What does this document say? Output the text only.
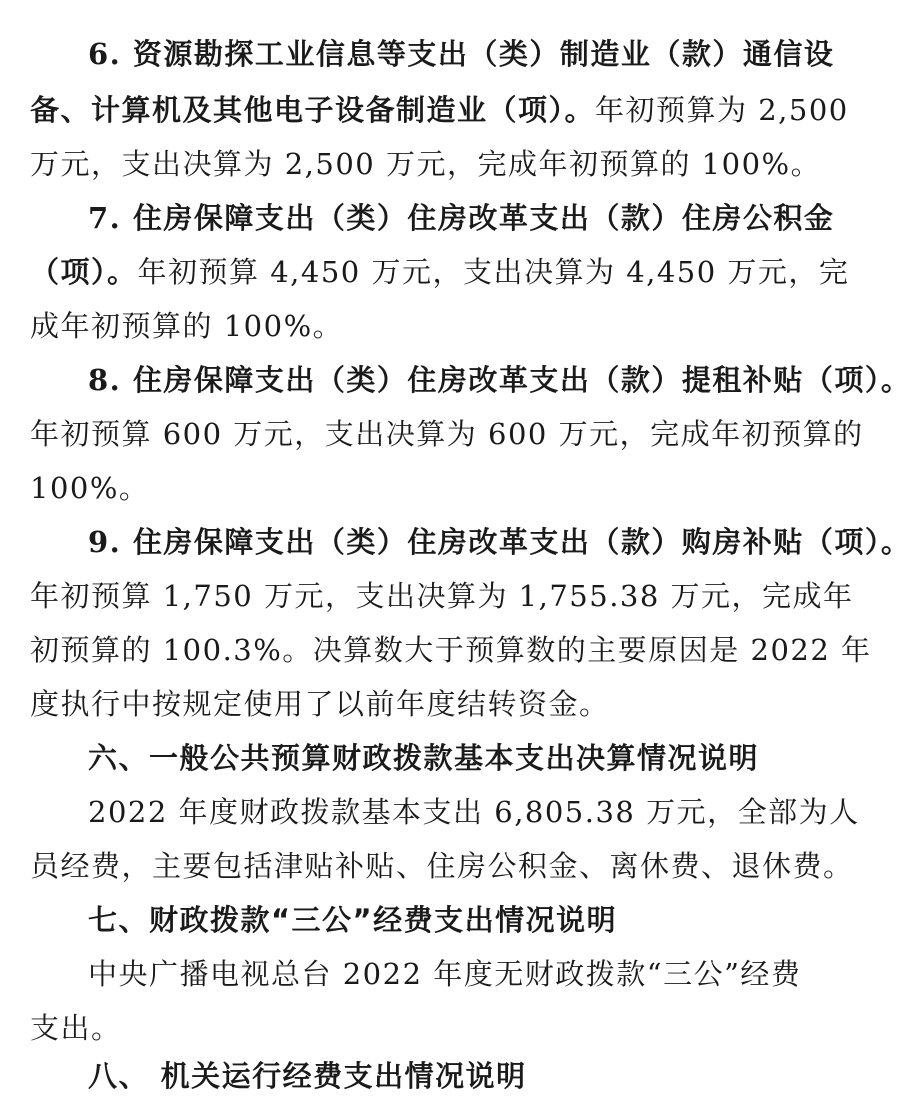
6. 资源勘探工业信息等支出（类）制造业（款）通信设
备、计算机及其他电子设备制造业（项）。年初预算为 2,500
万元，支出决算为 2,500 万元，完成年初预算的 100%。
7. 住房保障支出（类）住房改革支出（款）住房公积金
（项）。年初预算 4,450 万元，支出决算为 4,450 万元，完
成年初预算的 100%。
8. 住房保障支出（类）住房改革支出（款）提租补贴（项）。
年初预算 600 万元，支出决算为 600 万元，完成年初预算的
100%。
9. 住房保障支出（类）住房改革支出（款）购房补贴（项）。
年初预算 1,750 万元，支出决算为 1,755.38 万元，完成年
初预算的 100.3%。决算数大于预算数的主要原因是 2022 年
度执行中按规定使用了以前年度结转资金。
六、一般公共预算财政拨款基本支出决算情况说明
2022 年度财政拨款基本支出 6,805.38 万元，全部为人
员经费，主要包括津贴补贴、住房公积金、离休费、退休费。
七、财政拨款“三公”经费支出情况说明
中央广播电视总台 2022 年度无财政拨款“三公”经费
支出。
八、 机关运行经费支出情况说明
